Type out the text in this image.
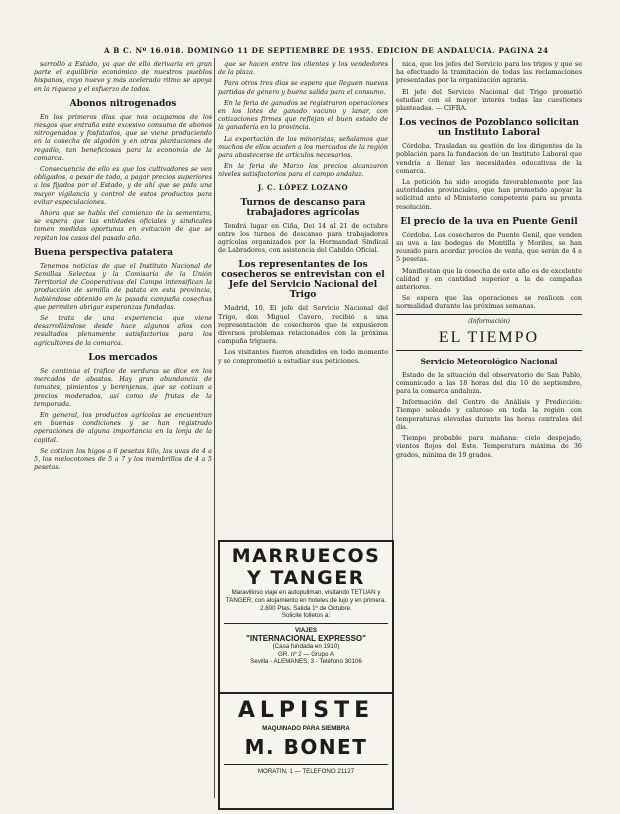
A B C. Nº 16.018. DOMINGO 11 DE SEPTIEMBRE DE 1955. EDICION DE ANDALUCIA. PAGINA 24

sarrolló a Estado, ya que de ello derivaría en gran parte el equilibrio económico de nuestros pueblos hispanos, cuyo nuevo y más acelerado ritmo se apoya en la riqueza y el esfuerzo de todos.

Abonos nitrogenados

En los primeros días que nos ocupamos de los riesgos que entraña este excesivo consumo de abonos nitrogenados y fosfatados, que se viene produciendo en la cosecha de algodón y en otras plantaciones de regadío, tan beneficiosas para la economía de la comarca.

Consecuencia de ello es que los cultivadores se ven obligados, a pesar de todo, a pagar precios superiores a los fijados por el Estado, y de ahí que se pida una mayor vigilancia y control de estos productos para evitar especulaciones.

Ahora que se habla del comienzo de la sementera, se espera que las entidades oficiales y sindicales tomen medidas oportunas en evitación de que se repitan los casos del pasado año.

Buena perspectiva patatera

Tenemos noticias de que el Instituto Nacional de Semillas Selectas y la Comisaría de la Unión Territorial de Cooperativas del Campo intensifican la producción de semilla de patata en esta provincia, habiéndose obtenido en la pasada campaña cosechas que permiten abrigar esperanzas fundadas.

Se trata de una experiencia que viene desarrollándose desde hace algunos años con resultados plenamente satisfactorios para los agricultores de la comarca.

Los mercados

Se continúa el tráfico de verduras se dice en los mercados de abastos. Hay gran abundancia de tomates, pimientos y berenjenas, que se cotizan a precios moderados, así como de frutas de la temporada.

En general, los productos agrícolas se encuentran en buenas condiciones y se han registrado operaciones de alguna importancia en la lonja de la capital.

Se cotizan los higos a 6 pesetas kilo, las uvas de 4 a 5, los melocotones de 5 a 7 y los membrillos de 4 a 5 pesetas.

que se hacen entre los clientes y los vendedores de la plaza.

Para otros tres días se espera que lleguen nuevas partidas de género y buena salida para el consumo.

En la feria de ganados se registraron operaciones en los lotes de ganado vacuno y lanar, con cotizaciones firmes que reflejan el buen estado de la ganadería en la provincia.

La exportación de los minoristas, señalamos que muchos de ellos acuden a los mercados de la región para abastecerse de artículos necesarios.

En la feria de Marzo los precios alcanzaron niveles satisfactorios para el campo andaluz.

J. C. LÓPEZ LOZANO
Turnos de descanso para trabajadores agrícolas

Tendrá lugar en Ciña, Dei 14 al 21 de octubre entre los turnos de descanso para trabajadores agrícolas organizados por la Hermandad Sindical de Labradores, con asistencia del Cabildo Oficial.

Los representantes de los cosecheros se entrevistan con el Jefe del Servicio Nacional del Trigo

Madrid, 10. El jefe del Servicio Nacional del Trigo, don Miguel Cavero, recibió a una representación de cosecheros que le expusieron diversos problemas relacionados con la próxima campaña triguera.

Los visitantes fueron atendidos en todo momento y se comprometió a estudiar sus peticiones.

MARRUECOS
Y TANGER
Maravilloso viaje en autopullman, visitando TETUAN y TANGER, con alojamiento en hoteles de lujo y en primera. 2.800 Ptas. Salida 1º de Octubre.
Solicite folletos a:
VIAJES
"INTERNACIONAL EXPRESSO"
(Casa fundada en 1910)
GR. nº 2 — Grupo A
Sevilla - ALEMANES, 3 - Teléfono 30106
ALPISTE
MAQUINADO PARA SIEMBRA
M. BONET
MORATIN, 1 — TELEFONO 21127

nica, que los jefes del Servicio para los trigos y que se ha efectuado la tramitación de todas las reclamaciones presentadas por la organización agraria.

El jefe del Servicio Nacional del Trigo prometió estudiar con el mayor interés todas las cuestiones planteadas. — CIFRA.

Los vecinos de Pozoblanco solicitan un Instituto Laboral

Córdoba. Trasladan su gestión de los dirigentes de la población para la fundación de un Instituto Laboral que vendría a llenar las necesidades educativas de la comarca.

La petición ha sido acogida favorablemente por las autoridades provinciales, que han prometido apoyar la solicitud ante el Ministerio competente para su pronta resolución.

El precio de la uva en Puente Genil

Córdoba. Los cosecheros de Puente Genil, que venden su uva a las bodegas de Montilla y Moriles, se han reunido para acordar precios de venta, que serán de 4 a 5 pesetas.

Manifiestan que la cosecha de este año es de excelente calidad y en cantidad superior a la de campañas anteriores.

Se espera que las operaciones se realicen con normalidad durante las próximas semanas.

(Información)
EL TIEMPO
Servicio Meteorológico Nacional

Estado de la situación del observatorio de San Pablo, comunicado a las 18 horas del día 10 de septiembre, para la comarca andaluza.

Información del Centro de Análisis y Predicción: Tiempo soleado y caluroso en toda la región con temperaturas elevadas durante las horas centrales del día.

Tiempo probable para mañana: cielo despejado, vientos flojos del Este. Temperatura máxima de 36 grados, mínima de 19 grados.
